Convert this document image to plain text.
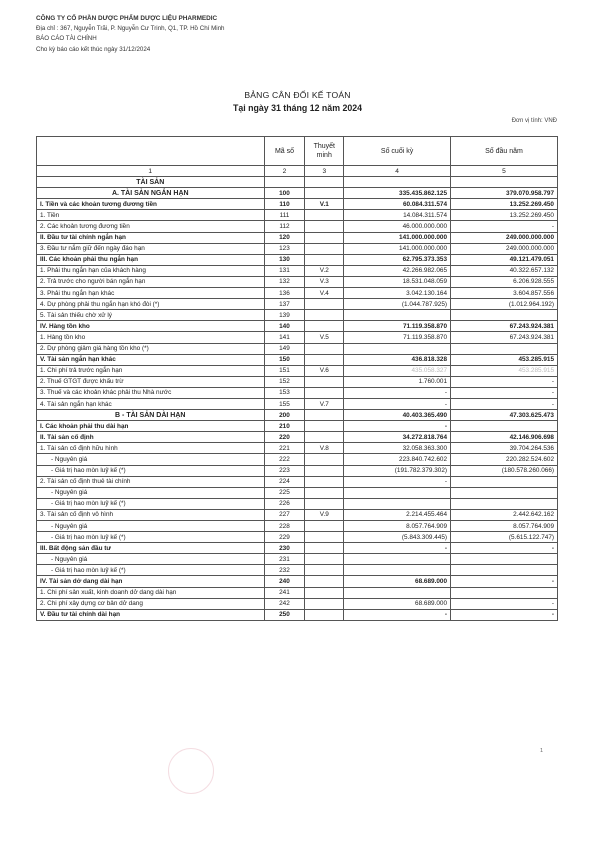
CÔNG TY CỔ PHẦN DƯỢC PHẨM DƯỢC LIỆU PHARMEDIC
Địa chỉ : 367, Nguyễn Trãi, P. Nguyễn Cư Trinh, Q1, TP. Hồ Chí Minh
BÁO CÁO TÀI CHÍNH
Cho kỳ báo cáo kết thúc ngày 31/12/2024
BẢNG CÂN ĐỐI KẾ TOÁN
Tại ngày 31 tháng 12 năm 2024
Đơn vị tính: VNĐ
	Mã số	Thuyết minh	Số cuối kỳ	Số đầu năm
1	2	3	4	5
TÀI SẢN				
A. TÀI SẢN NGẮN HẠN	100		335.435.862.125	379.070.958.797
I. Tiền và các khoản tương đương tiền	110	V.1	60.084.311.574	13.252.269.450
1. Tiền	111		14.084.311.574	13.252.269.450
2. Các khoản tương đương tiền	112		46.000.000.000	-
II. Đầu tư tài chính ngắn hạn	120		141.000.000.000	249.000.000.000
3. Đầu tư nắm giữ đến ngày đáo hạn	123		141.000.000.000	249.000.000.000
III. Các khoản phải thu ngắn hạn	130		62.795.373.353	49.121.479.051
1. Phải thu ngắn hạn của khách hàng	131	V.2	42.266.982.065	40.322.657.132
2. Trả trước cho người bán ngắn hạn	132	V.3	18.531.048.059	6.206.928.555
3. Phải thu ngắn hạn khác	136	V.4	3.042.130.164	3.604.857.556
4. Dự phòng phải thu ngắn hạn khó đòi (*)	137		(1.044.787.925)	(1.012.964.192)
5. Tài sản thiếu chờ xử lý	139			
IV. Hàng tồn kho	140		71.119.358.870	67.243.924.381
1. Hàng tồn kho	141	V.5	71.119.358.870	67.243.924.381
2. Dự phòng giảm giá hàng tồn kho (*)	149			
V. Tài sản ngắn hạn khác	150		436.818.328	453.285.915
1. Chi phí trả trước ngắn hạn	151	V.6	435.058.327	453.285.915
2. Thuế GTGT được khấu trừ	152		1.760.001	-
3. Thuế và các khoản khác phải thu Nhà nước	153		-	-
4. Tài sản ngắn hạn khác	155	V.7	-	-
B - TÀI SẢN DÀI HẠN	200		40.403.365.490	47.303.625.473
I. Các khoản phải thu dài hạn	210		-	
II. Tài sản cố định	220		34.272.818.764	42.146.906.698
1. Tài sản cố định hữu hình	221	V.8	32.058.363.300	39.704.264.536
- Nguyên giá	222		223.840.742.602	220.282.524.602
- Giá trị hao mòn luỹ kế (*)	223		(191.782.379.302)	(180.578.260.066)
2. Tài sản cố định thuê tài chính	224		-	
- Nguyên giá	225			
- Giá trị hao mòn luỹ kế (*)	226			
3. Tài sản cố định vô hình	227	V.9	2.214.455.464	2.442.642.162
- Nguyên giá	228		8.057.764.909	8.057.764.909
- Giá trị hao mòn luỹ kế (*)	229		(5.843.309.445)	(5.615.122.747)
III. Bất động sản đầu tư	230		-	-
- Nguyên giá	231			
- Giá trị hao mòn luỹ kế (*)	232			
IV. Tài sản dở dang dài hạn	240		68.689.000	-
1. Chi phí sản xuất, kinh doanh dở dang dài hạn	241			
2. Chi phí xây dựng cơ bản dở dang	242		68.689.000	-
V. Đầu tư tài chính dài hạn	250		-	-
1
